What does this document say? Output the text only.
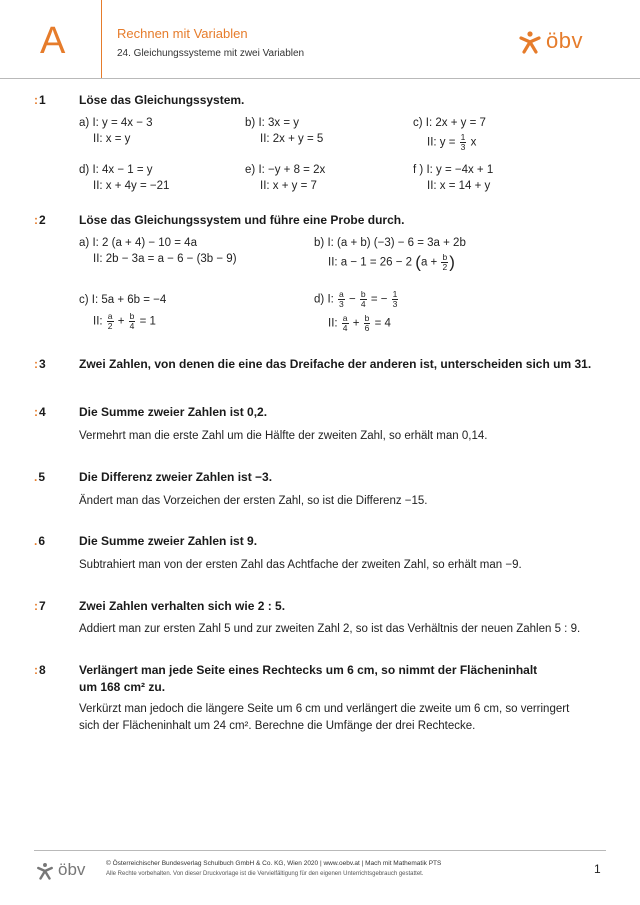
A	Rechnen mit Variablen
24. Gleichungssysteme mit zwei Variablen
öbv
:1	Löse das Gleichungssystem.
a) I: y = 4x − 3
II: x = y
b) I: 3x = y
II: 2x + y = 5
c) I: 2x + y = 7
II: $y = \frac{1}{3}$ x
d) I: 4x − 1 = y
II: x + 4y = −21
e) I: −y + 8 = 2x
II: x + y = 7
f ) I: y = −4x + 1
II: x = 14 + y
:2	Löse das Gleichungssystem und führe eine Probe durch.
a) I: 2 (a + 4) − 10 = 4a
II: 2b − 3a = a − 6 − (3b − 9)
b) I: (a + b) (−3) − 6 = 3a + 2b
II: a − 1 = 26 − 2 ($a + \frac{b}{2}$ )
c) I: 5a + 6b = −4
II: $\frac{a}{2} + \frac{b}{4} = 1$
d) I: $\frac{a}{3} - \frac{b}{4}$ = − $\frac{1}{3}$
II: $\frac{a}{4} + \frac{b}{6} = 4$
:3	Zwei Zahlen, von denen die eine das Dreifache der anderen ist, unterscheiden sich um 31.
:4	Die Summe zweier Zahlen ist 0,2.
Vermehrt man die erste Zahl um die Hälfte der zweiten Zahl, so erhält man 0,14.
.5	Die Differenz zweier Zahlen ist −3.
Ändert man das Vorzeichen der ersten Zahl, so ist die Differenz −15.
.6	Die Summe zweier Zahlen ist 9.
Subtrahiert man von der ersten Zahl das Achtfache der zweiten Zahl, so erhält man −9.
:7	Zwei Zahlen verhalten sich wie 2 : 5.
Addiert man zur ersten Zahl 5 und zur zweiten Zahl 2, so ist das Verhältnis der neuen Zahlen 5 : 9.
:8	Verlängert man jede Seite eines Rechtecks um 6 cm, so nimmt der Flächeninhalt
um 168 cm² zu.
Verkürzt man jedoch die längere Seite um 6 cm und verlängert die zweite um 6 cm, so verringert
sich der Flächeninhalt um 24 cm². Berechne die Umfänge der drei Rechtecke.
öbv	© Österreichischer Bundesverlag Schulbuch GmbH & Co. KG, Wien 2020 | www.oebv.at | Mach mit Mathematik PTS
Alle Rechte vorbehalten. Von dieser Druckvorlage ist die Vervielfältigung für den eigenen Unterrichtsgebrauch gestattet.	1
